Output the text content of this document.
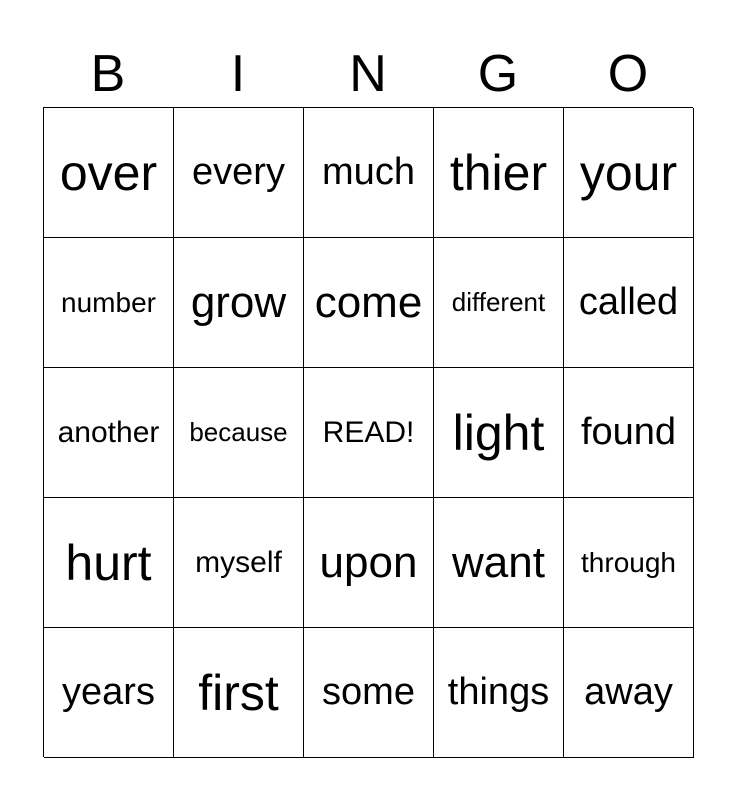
B	I	N	G	O
over every much thier your
number grow come	different called
another	because	READ! light found
hurt	myself upon want	through
years first	some things away
